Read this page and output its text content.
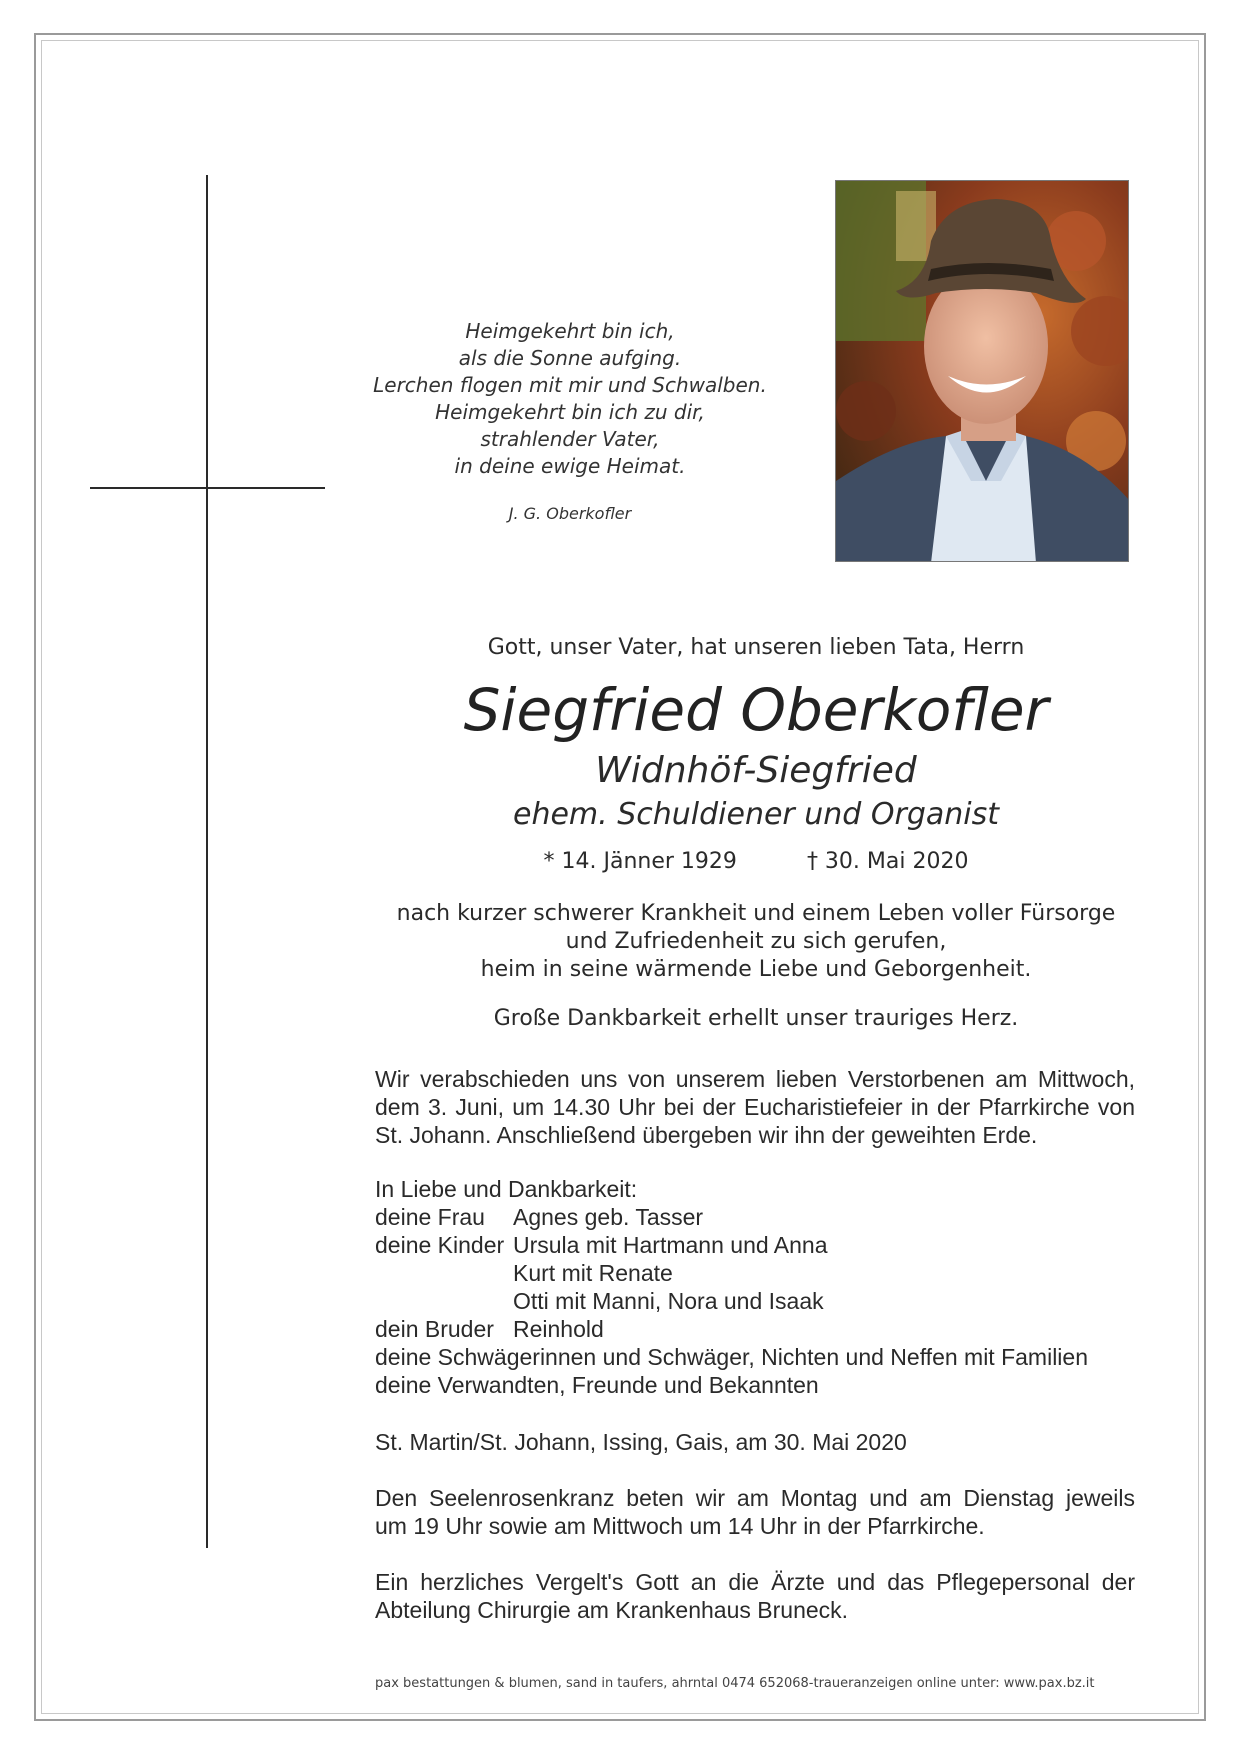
Heimgekehrt bin ich,
als die Sonne aufging.
Lerchen flogen mit mir und Schwalben.
Heimgekehrt bin ich zu dir,
strahlender Vater,
in deine ewige Heimat.
J. G. Oberkofler
Gott, unser Vater, hat unseren lieben Tata, Herrn
Siegfried Oberkofler
Widnhöf-Siegfried
ehem. Schuldiener und Organist
* 14. Jänner 1929	† 30. Mai 2020
nach kurzer schwerer Krankheit und einem Leben voller Fürsorge
und Zufriedenheit zu sich gerufen,
heim in seine wärmende Liebe und Geborgenheit.
Große Dankbarkeit erhellt unser trauriges Herz.
Wir verabschieden uns von unserem lieben Verstorbenen am Mittwoch,
dem 3. Juni, um 14.30 Uhr bei der Eucharistiefeier in der Pfarrkirche von
St. Johann. Anschließend übergeben wir ihn der geweihten Erde.
In Liebe und Dankbarkeit:
deine Frau Agnes geb. Tasser
deine Kinder Ursula mit Hartmann und Anna
Kurt mit Renate
Otti mit Manni, Nora und Isaak
dein Bruder Reinhold
deine Schwägerinnen und Schwäger, Nichten und Neffen mit Familien
deine Verwandten, Freunde und Bekannten
St. Martin/St. Johann, Issing, Gais, am 30. Mai 2020
Den Seelenrosenkranz beten wir am Montag und am Dienstag jeweils
um 19 Uhr sowie am Mittwoch um 14 Uhr in der Pfarrkirche.
Ein herzliches Vergelt's Gott an die Ärzte und das Pflegepersonal der
Abteilung Chirurgie am Krankenhaus Bruneck.
pax bestattungen & blumen, sand in taufers, ahrntal 0474 652068-traueranzeigen online unter: www.pax.bz.it
